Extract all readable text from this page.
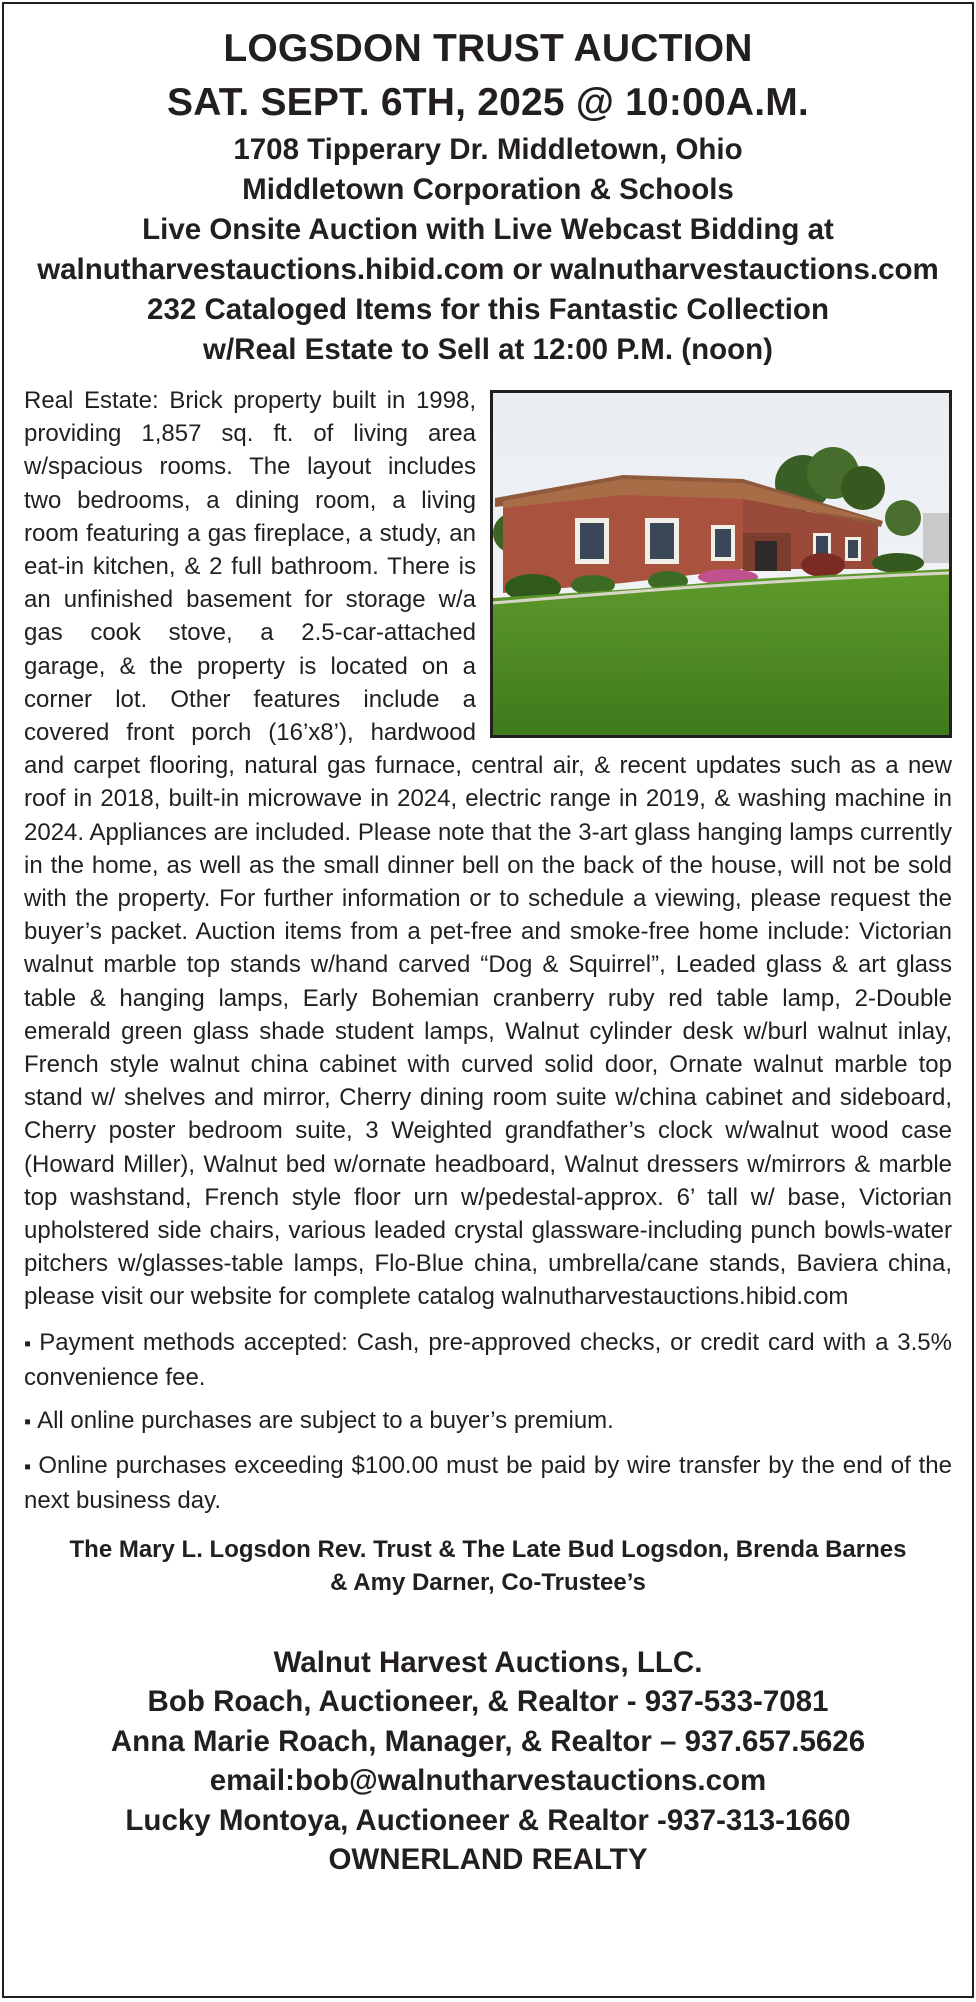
LOGSDON TRUST AUCTION

SAT. SEPT. 6TH, 2025 @ 10:00A.M.

1708 Tipperary Dr. Middletown, Ohio

Middletown Corporation & Schools

Live Onsite Auction with Live Webcast Bidding at

walnutharvestauctions.hibid.com or walnutharvestauctions.com

232 Cataloged Items for this Fantastic Collection

w/Real Estate to Sell at 12:00 P.M. (noon)

Real Estate: Brick property built in 1998, providing 1,857 sq. ft. of living area w/spacious rooms. The layout includes two bedrooms, a dining room, a living room featuring a gas fireplace, a study, an eat-in kitchen, & 2 full bathroom. There is an unfinished basement for storage w/a gas cook stove, a 2.5-car-attached garage, & the property is located on a corner lot. Other features include a covered front porch (16’x8’), hardwood and carpet flooring, natural gas furnace, central air, & recent updates such as a new roof in 2018, built-in microwave in 2024, electric range in 2019, & washing machine in 2024. Appliances are included. Please note that the 3-art glass hanging lamps currently in the home, as well as the small dinner bell on the back of the house, will not be sold with the property. For further information or to schedule a viewing, please request the buyer’s packet. Auction items from a pet-free and smoke-free home include: Victorian walnut marble top stands w/hand carved “Dog & Squirrel”, Leaded glass & art glass table & hanging lamps, Early Bohemian cranberry ruby red table lamp, 2-Double emerald green glass shade student lamps, Walnut cylinder desk w/burl walnut inlay, French style walnut china cabinet with curved solid door, Ornate walnut marble top stand w/ shelves and mirror, Cherry dining room suite w/china cabinet and sideboard, Cherry poster bedroom suite, 3 Weighted grandfather’s clock w/walnut wood case (Howard Miller), Walnut bed w/ornate headboard, Walnut dressers w/mirrors & marble top washstand, French style floor urn w/pedestal-approx. 6’ tall w/ base, Victorian upholstered side chairs, various leaded crystal glassware-including punch bowls-water pitchers w/glasses-table lamps, Flo-Blue china, umbrella/cane stands, Baviera china, please visit our website for complete catalog walnutharvestauctions.hibid.com

▪ Payment methods accepted: Cash, pre-approved checks, or credit card with a 3.5% convenience fee.

▪ All online purchases are subject to a buyer’s premium.

▪ Online purchases exceeding $100.00 must be paid by wire transfer by the end of the next business day.

The Mary L. Logsdon Rev. Trust & The Late Bud Logsdon, Brenda Barnes & Amy Darner, Co-Trustee’s

Walnut Harvest Auctions, LLC.

Bob Roach, Auctioneer, & Realtor - 937-533-7081

Anna Marie Roach, Manager, & Realtor – 937.657.5626

email:bob@walnutharvestauctions.com

Lucky Montoya, Auctioneer & Realtor -937-313-1660

OWNERLAND REALTY
